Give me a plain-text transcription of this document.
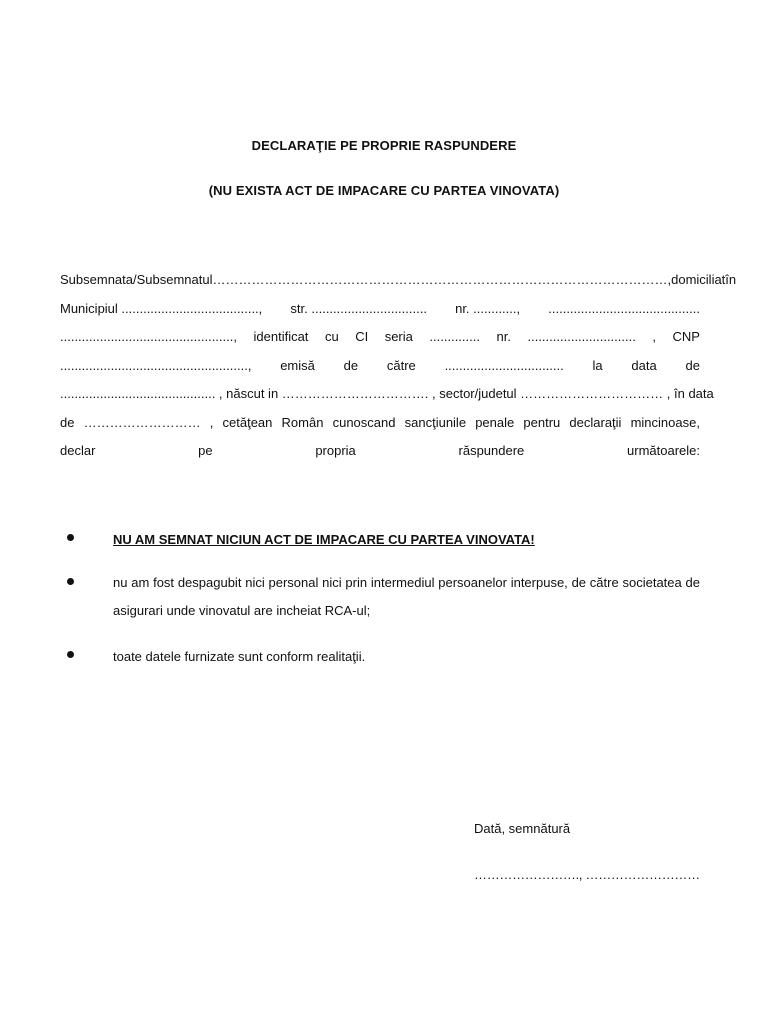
DECLARAŢIE PE PROPRIE RASPUNDERE
(NU EXISTA ACT DE IMPACARE CU PARTEA VINOVATA)
Subsemnata/Subsemnatul ……………………………………………………………………………………………, domiciliat în
Municipiul ......................................, str. ................................ nr. ............, ..........................................
................................................, identificat cu CI seria .............. nr. .............................. , CNP
...................................................., emisă de către ................................. la data de
........................................... , născut in ……………………………. , sector/judetul …………………………… , în data
de ……………………… , cetăţean Român cunoscand sancţiunile penale pentru declaraţii mincinoase,
declar pe propria răspundere următoarele:
NU AM SEMNAT NICIUN ACT DE IMPACARE CU PARTEA VINOVATA!
nu am fost despagubit nici personal nici prin intermediul persoanelor interpuse, de către societatea de asigurari unde vinovatul are incheiat RCA-ul;
toate datele furnizate sunt conform realitaţii.
Dată, semnătură
……………………., ………………………
